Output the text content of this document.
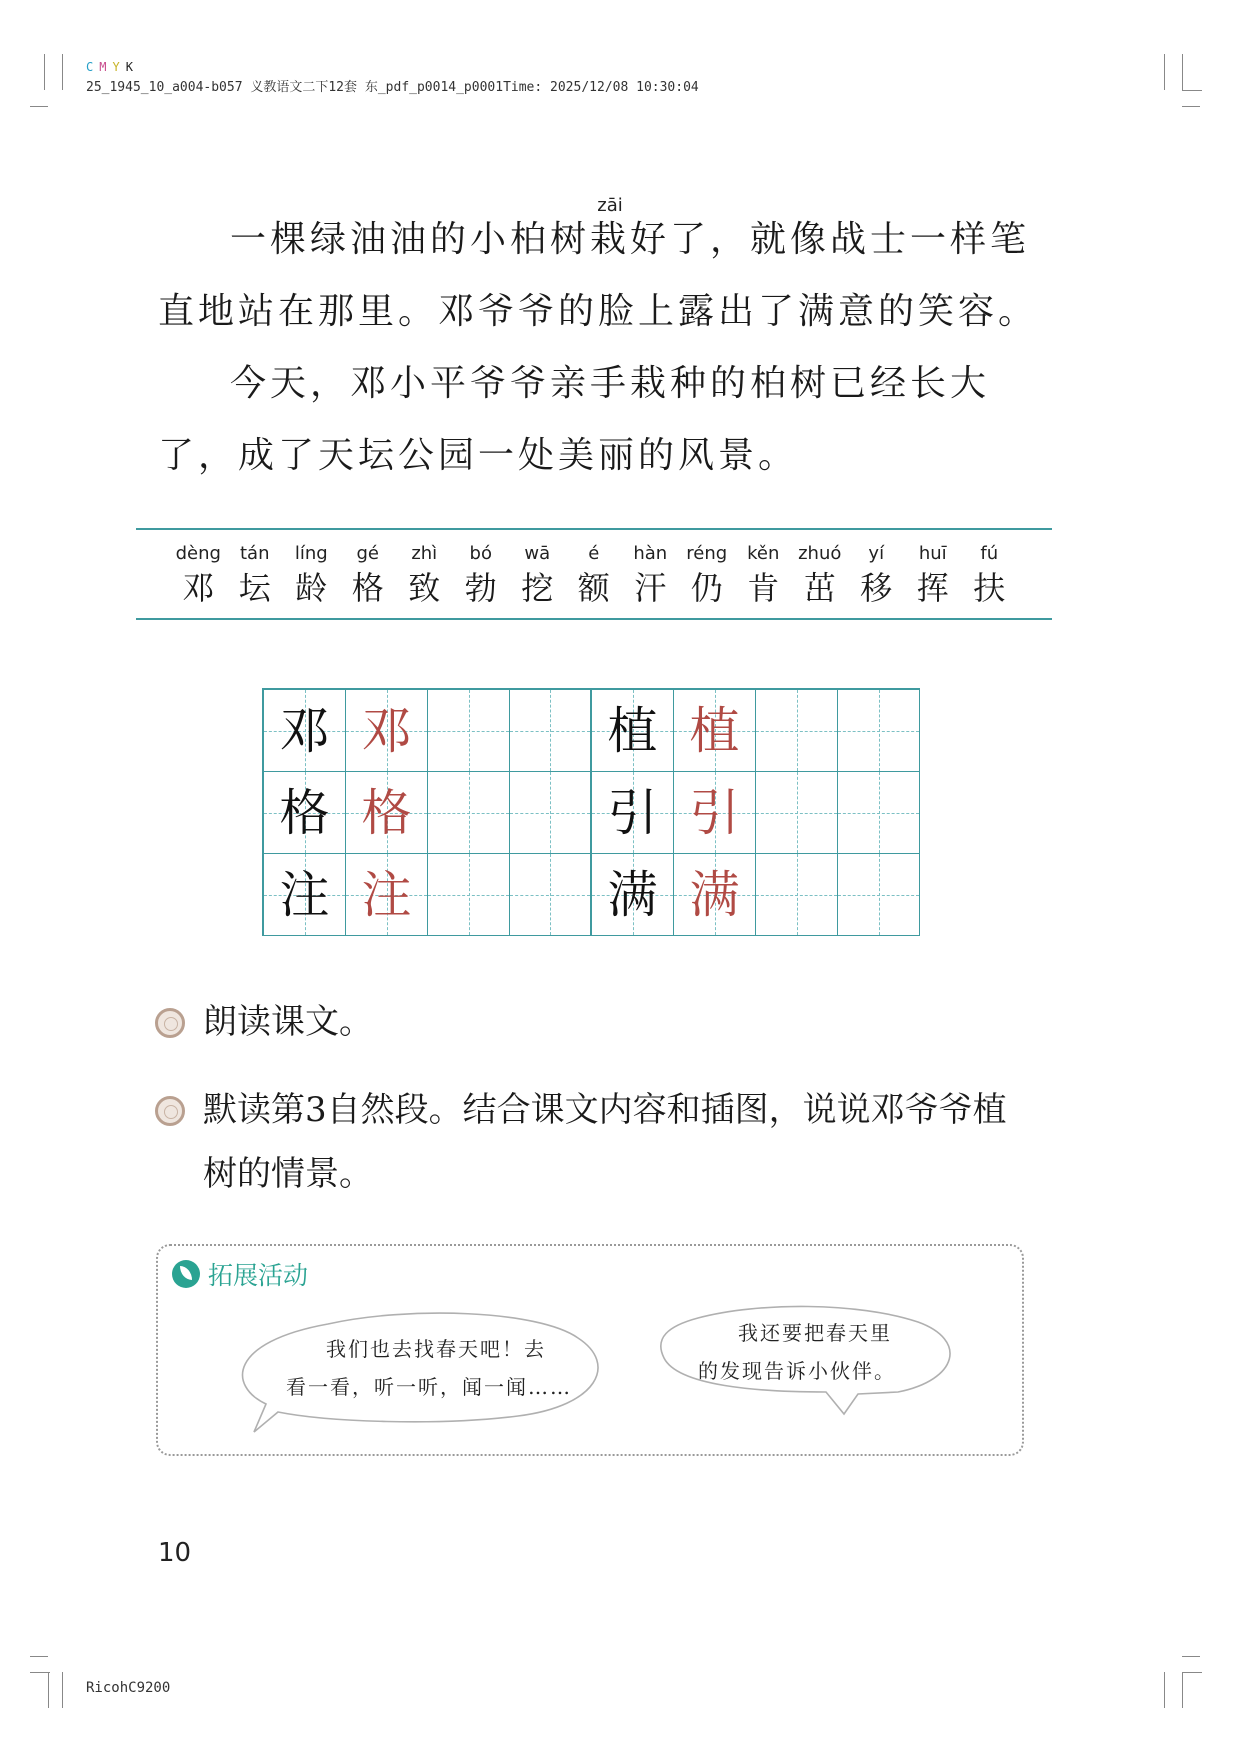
C M Y K
25_1945_10_a004-b057 义教语文二下12套 东_pdf_p0014_p0001Time: 2025/12/08 10:30:04
一棵绿油油的小柏树栽
zāi
好了，就像战士一样笔直地站在那里。邓爷爷的脸上露出了满意的笑容。
今天，邓小平爷爷亲手栽种的柏树已经长大了，成了天坛公园一处美丽的风景。
dèng
邓
tán
坛
líng
龄
gé
格
zhì
致
bó
勃
wā
挖
é
额
hàn
汗
réng
仍
kěn
肯
zhuó
茁
yí
移
huī
挥
fú
扶
邓 邓	植 植
格 格	引 引
注 注	满 满
朗读课文。
默读第3自然段。结合课文内容和插图，说说邓爷爷植树的情景。
拓展活动
我们也去找春天吧！去
看一看，听一听，闻一闻……
我还要把春天里
的发现告诉小伙伴。
10
RicohC9200
